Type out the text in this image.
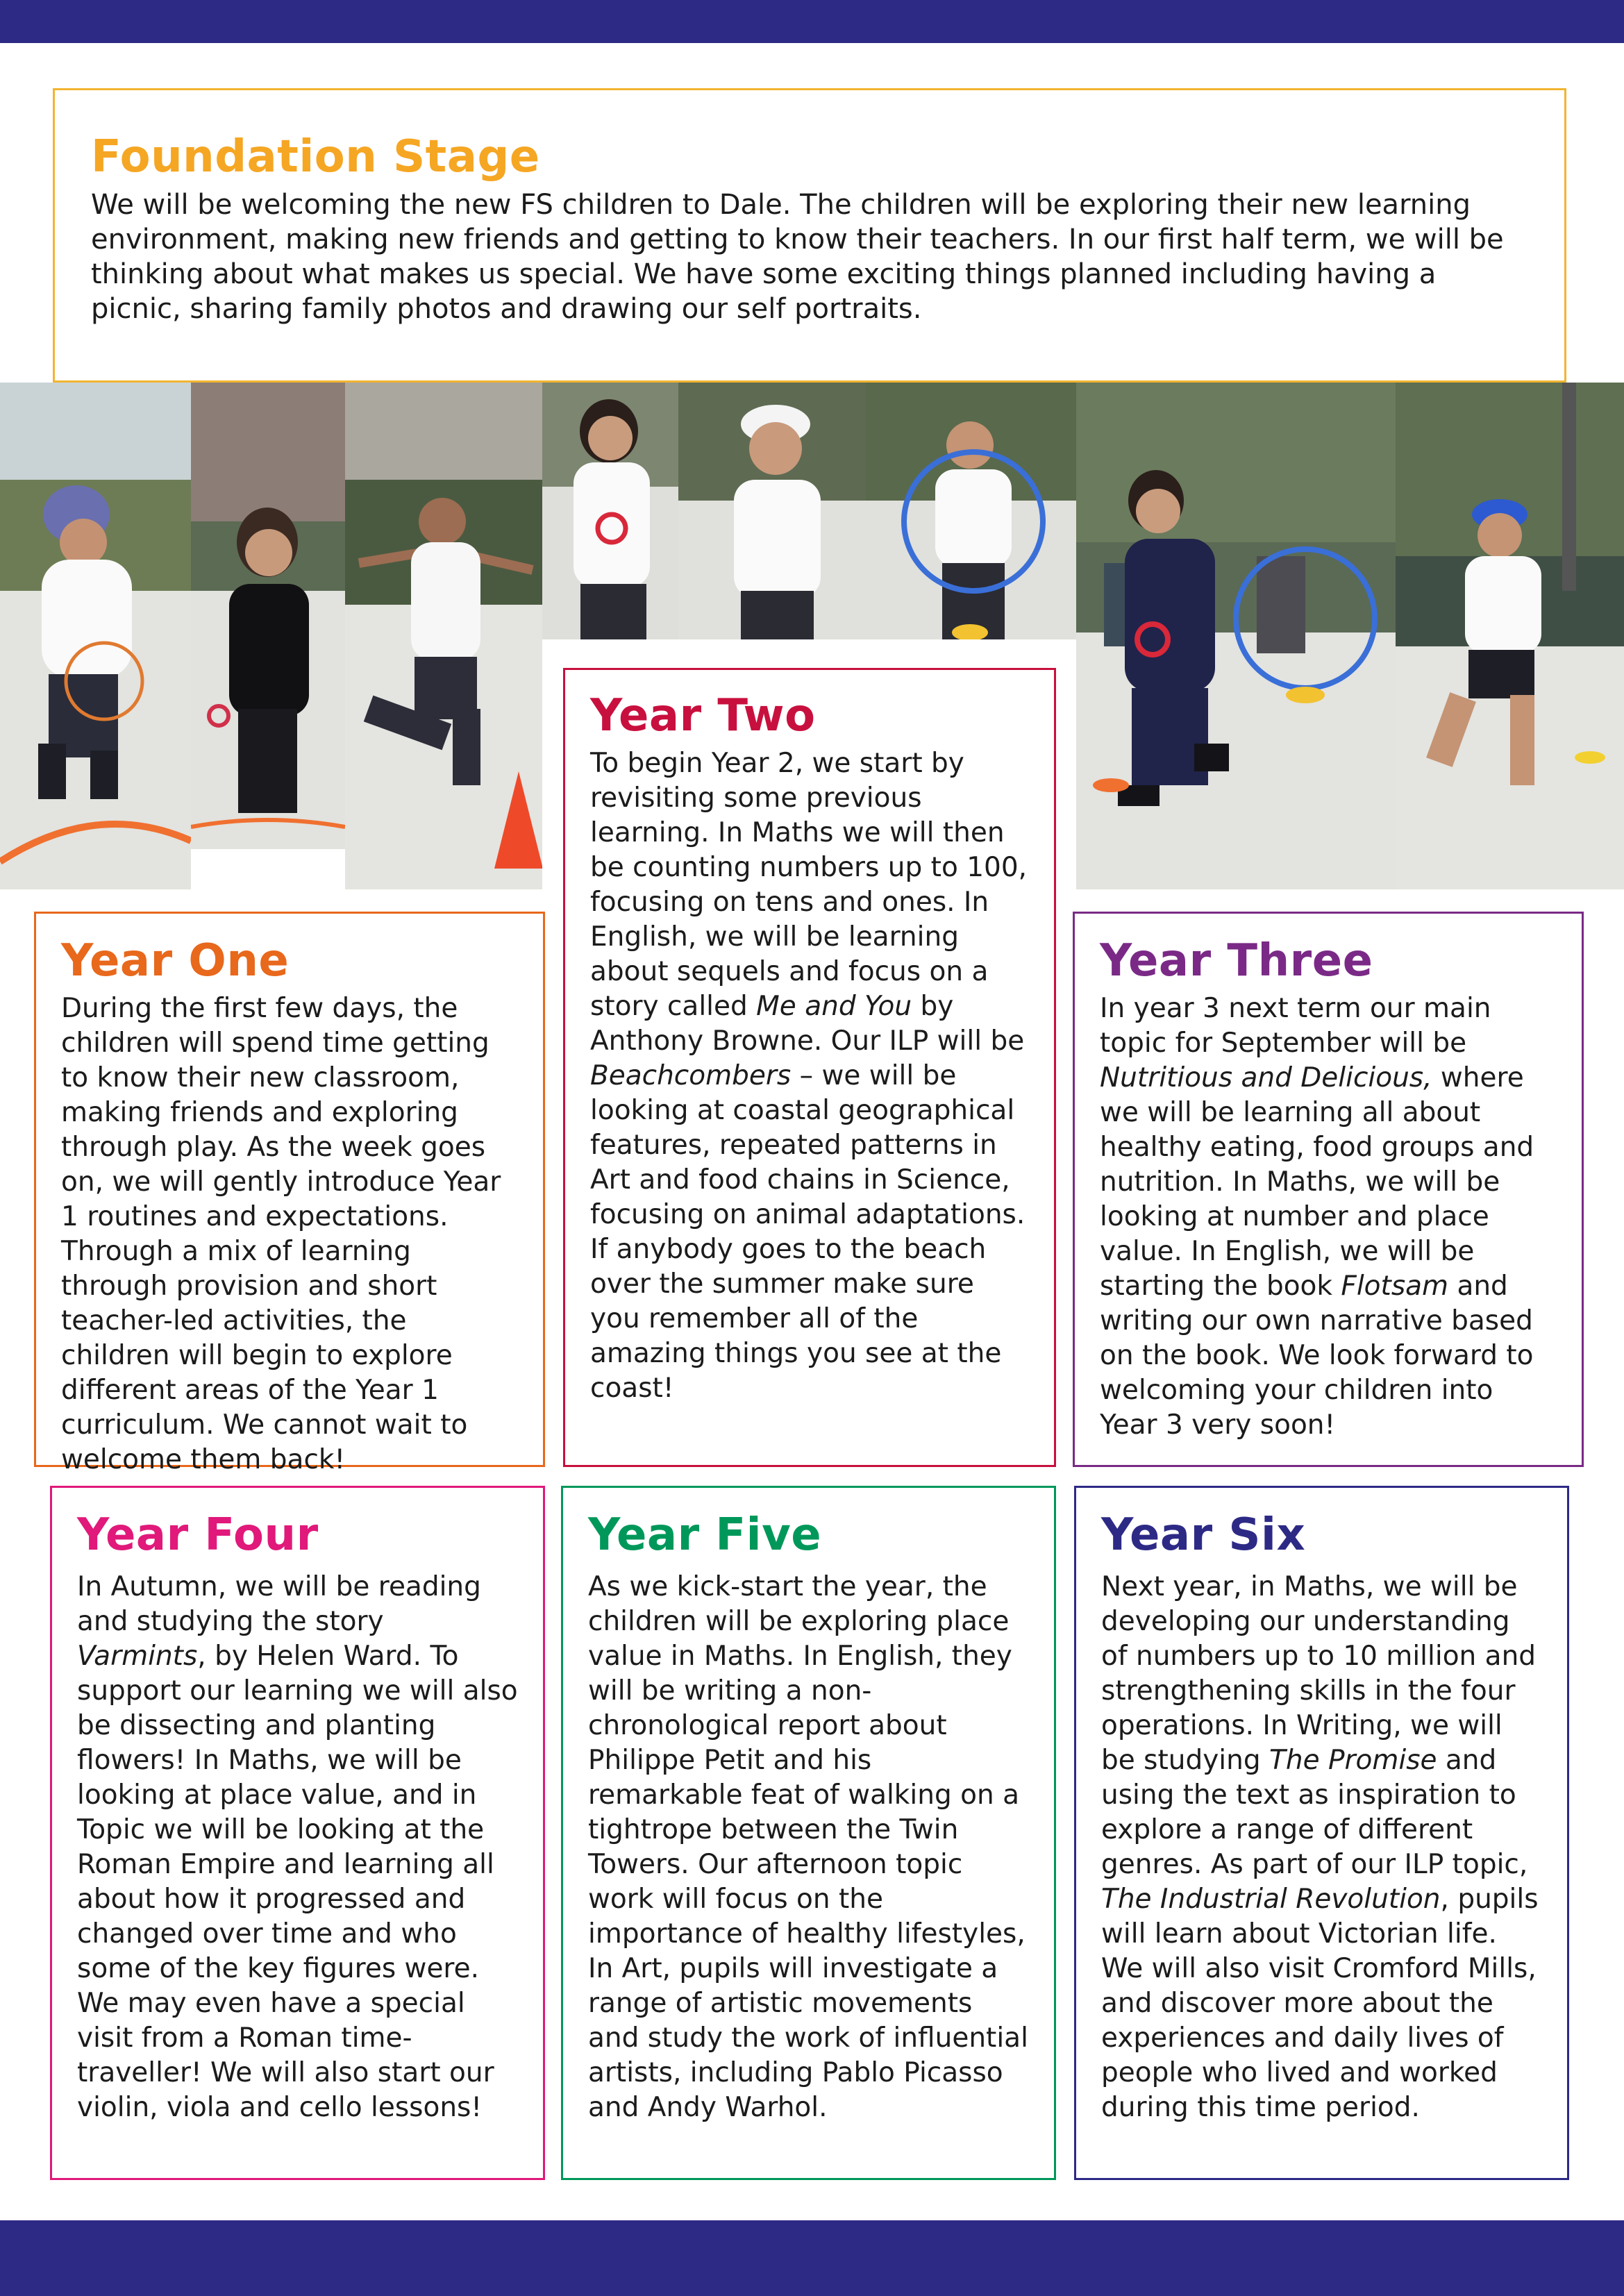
Foundation Stage

We will be welcoming the new FS children to Dale. The children will be exploring their new learning environment, making new friends and getting to know their teachers. In our first half term, we will be thinking about what makes us special. We have some exciting things planned including having a picnic, sharing family photos and drawing our self portraits.

Year Two

To begin Year 2, we start by revisiting some previous learning. In Maths we will then be counting numbers up to 100, focusing on tens and ones. In English, we will be learning about sequels and focus on a story called Me and You by Anthony Browne. Our ILP will be Beachcombers – we will be looking at coastal geographical features, repeated patterns in Art and food chains in Science, focusing on animal adaptations. If anybody goes to the beach over the summer make sure you remember all of the amazing things you see at the coast!

Year One

During the first few days, the children will spend time getting to know their new classroom, making friends and exploring through play. As the week goes on, we will gently introduce Year 1 routines and expectations. Through a mix of learning through provision and short teacher-led activities, the children will begin to explore different areas of the Year 1 curriculum. We cannot wait to welcome them back!

Year Three

In year 3 next term our main topic for September will be Nutritious and Delicious, where we will be learning all about healthy eating, food groups and nutrition. In Maths, we will be looking at number and place value. In English, we will be starting the book Flotsam and writing our own narrative based on the book. We look forward to welcoming your children into Year 3 very soon!

Year Four

In Autumn, we will be reading and studying the story Varmints, by Helen Ward. To support our learning we will also be dissecting and planting flowers! In Maths, we will be looking at place value, and in Topic we will be looking at the Roman Empire and learning all about how it progressed and changed over time and who some of the key figures were. We may even have a special visit from a Roman time-traveller! We will also start our violin, viola and cello lessons!

Year Five

As we kick-start the year, the children will be exploring place value in Maths. In English, they will be writing a non-chronological report about Philippe Petit and his remarkable feat of walking on a tightrope between the Twin Towers. Our afternoon topic work will focus on the importance of healthy lifestyles, In Art, pupils will investigate a range of artistic movements and study the work of influential artists, including Pablo Picasso and Andy Warhol.

Year Six

Next year, in Maths, we will be developing our understanding of numbers up to 10 million and strengthening skills in the four operations. In Writing, we will be studying The Promise and using the text as inspiration to explore a range of different genres. As part of our ILP topic, The Industrial Revolution, pupils will learn about Victorian life. We will also visit Cromford Mills, and discover more about the experiences and daily lives of people who lived and worked during this time period.
